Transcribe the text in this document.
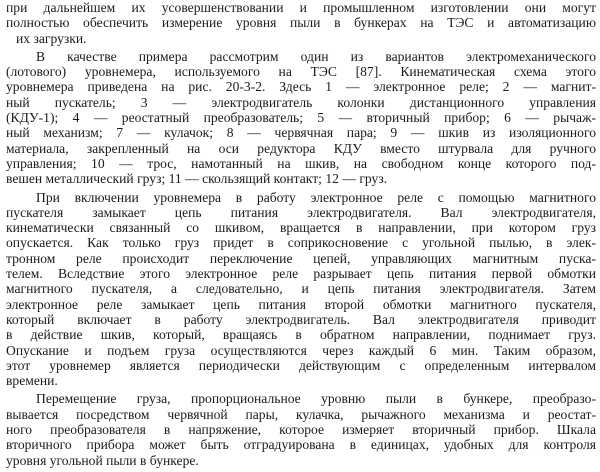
при дальнейшем их усовершенствовании и промышленном изготовлении они могут
полностью обеспечить измерение уровня пыли в бункерах на ТЭС и автоматизацию
их загрузки.
В качестве примера рассмотрим один из вариантов электромеханического
(лотового) уровнемера, используемого на ТЭС [87]. Кинематическая схема этого
уровнемера приведена на рис. 20-3-2. Здесь 1 — электронное реле; 2 — магнит-
ный пускатель; 3 — электродвигатель колонки дистанционного управления
(КДУ-1); 4 — реостатный преобразователь; 5 — вторичный прибор; 6 — рычаж-
ный механизм; 7 — кулачок; 8 — червячная пара; 9 — шкив из изоляционного
материала, закрепленный на оси редуктора КДУ вместо штурвала для ручного
управления; 10 — трос, намотанный на шкив, на свободном конце которого под-
вешен металлический груз; 11 — скользящий контакт; 12 — груз.
При включении уровнемера в работу электронное реле с помощью магнитного
пускателя замыкает цепь питания электродвигателя. Вал электродвигателя,
кинематически связанный со шкивом, вращается в направлении, при котором груз
опускается. Как только груз придет в соприкосновение с угольной пылью, в элек-
тронном реле происходит переключение цепей, управляющих магнитным пуска-
телем. Вследствие этого электронное реле разрывает цепь питания первой обмотки
магнитного пускателя, а следовательно, и цепь питания электродвигателя. Затем
электронное реле замыкает цепь питания второй обмотки магнитного пускателя,
который включает в работу электродвигатель. Вал электродвигателя приводит
в действие шкив, который, вращаясь в обратном направлении, поднимает груз.
Опускание и подъем груза осуществляются через каждый 6 мин. Таким образом,
этот уровнемер является периодически действующим с определенным интервалом
времени.
Перемещение груза, пропорциональное уровню пыли в бункере, преобразо-
вывается посредством червячной пары, кулачка, рычажного механизма и реостат-
ного преобразователя в напряжение, которое измеряет вторичный прибор. Шкала
вторичного прибора может быть отградуирована в единицах, удобных для контроля
уровня угольной пыли в бункере.
